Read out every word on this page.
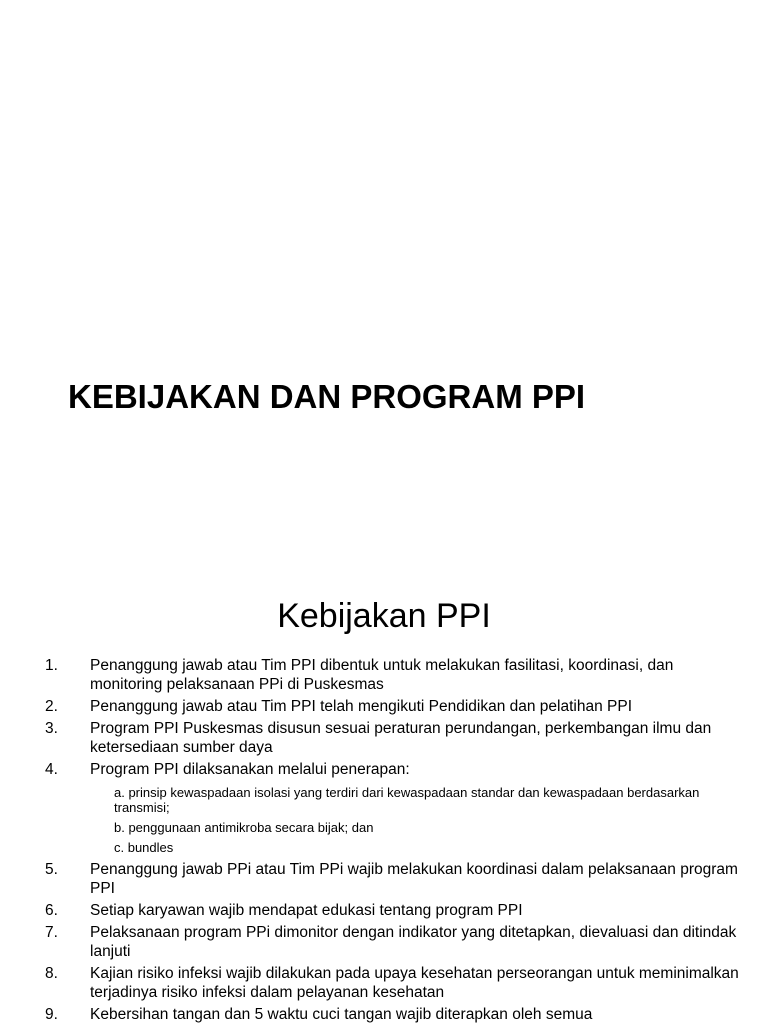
KEBIJAKAN DAN PROGRAM PPI
Kebijakan PPI
1.	Penanggung jawab atau Tim PPI dibentuk untuk melakukan fasilitasi, koordinasi, dan monitoring pelaksanaan PPi di Puskesmas
2.	Penanggung jawab atau Tim PPI telah mengikuti Pendidikan dan pelatihan PPI
3.	Program PPI Puskesmas disusun sesuai peraturan perundangan, perkembangan ilmu dan ketersediaan sumber daya
4.	Program PPI dilaksanakan melalui penerapan:
a. prinsip kewaspadaan isolasi yang terdiri dari kewaspadaan standar dan kewaspadaan berdasarkan transmisi;
b. penggunaan antimikroba secara bijak; dan
c. bundles
5.	Penanggung jawab PPi atau Tim PPi wajib melakukan koordinasi dalam pelaksanaan program PPI
6.	Setiap karyawan wajib mendapat edukasi tentang program PPI
7.	Pelaksanaan program PPi dimonitor dengan indikator yang ditetapkan, dievaluasi dan ditindak lanjuti
8.	Kajian risiko infeksi wajib dilakukan pada upaya kesehatan perseorangan untuk meminimalkan terjadinya risiko infeksi dalam pelayanan kesehatan
9.	Kebersihan tangan dan 5 waktu cuci tangan wajib diterapkan oleh semua
